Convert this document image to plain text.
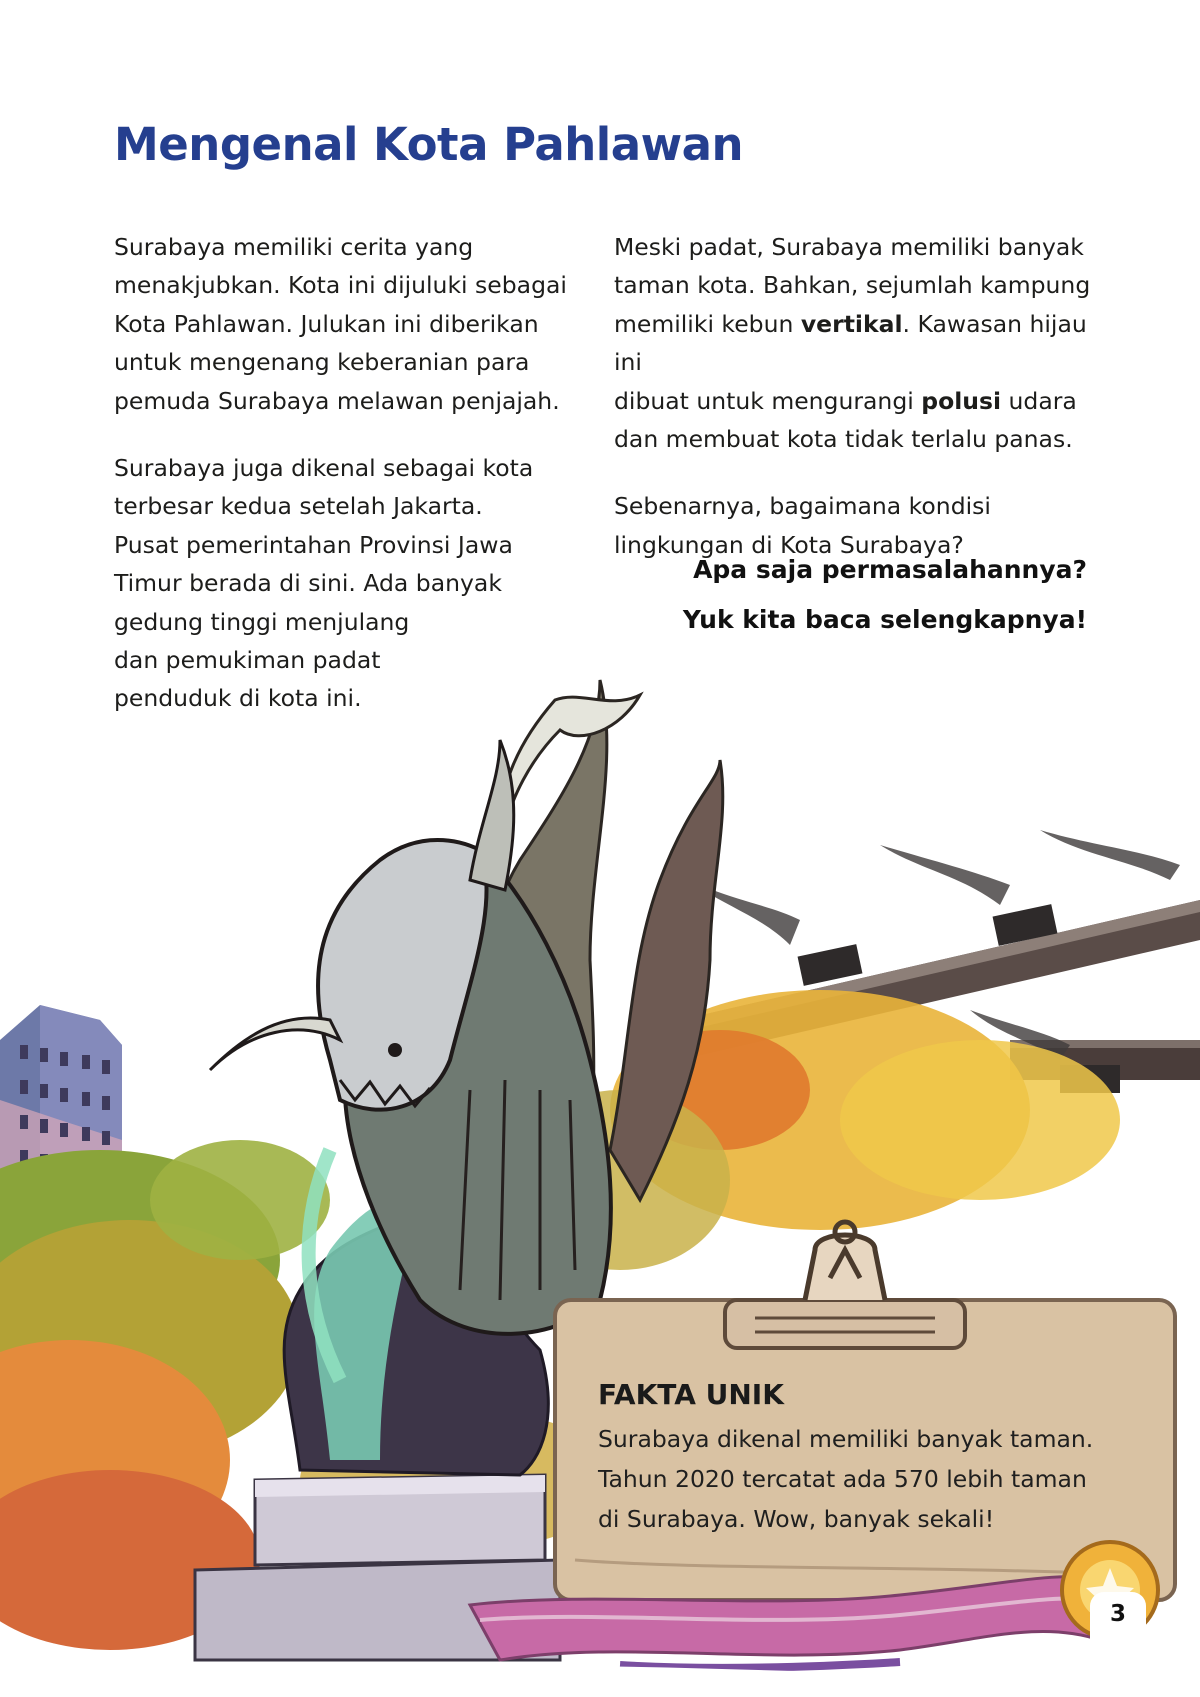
Mengenal Kota Pahlawan

Surabaya memiliki cerita yang
menakjubkan. Kota ini dijuluki sebagai
Kota Pahlawan. Julukan ini diberikan
untuk mengenang keberanian para
pemuda Surabaya melawan penjajah.

Surabaya juga dikenal sebagai kota
terbesar kedua setelah Jakarta.
Pusat pemerintahan Provinsi Jawa
Timur berada di sini. Ada banyak
gedung tinggi menjulang
dan pemukiman padat
penduduk di kota ini.

Meski padat, Surabaya memiliki banyak
taman kota. Bahkan, sejumlah kampung
memiliki kebun vertikal. Kawasan hijau ini
dibuat untuk mengurangi polusi udara
dan membuat kota tidak terlalu panas.

Sebenarnya, bagaimana kondisi
lingkungan di Kota Surabaya?

Apa saja permasalahannya?

Yuk kita baca selengkapnya!

FAKTA UNIK

Surabaya dikenal memiliki banyak taman.
Tahun 2020 tercatat ada 570 lebih taman
di Surabaya. Wow, banyak sekali!

3
